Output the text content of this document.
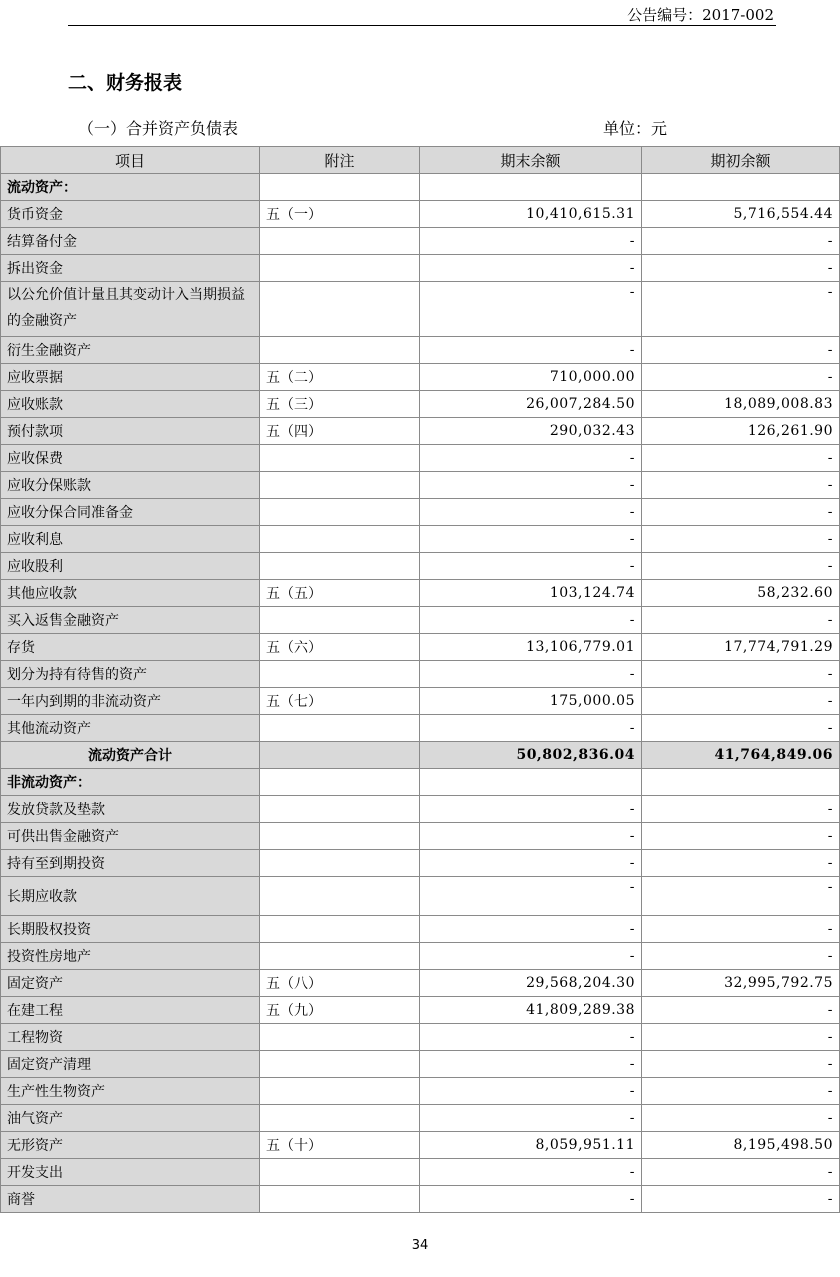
公告编号：2017-002
二、财务报表
（一）合并资产负债表	单位：元
项目	附注	期末余额	期初余额
流动资产：			
货币资金	五（一）	10,410,615.31	5,716,554.44
结算备付金		-	-
拆出资金		-	-
以公允价值计量且其变动计入当期损益的金融资产		-	-
衍生金融资产		-	-
应收票据	五（二）	710,000.00	-
应收账款	五（三）	26,007,284.50	18,089,008.83
预付款项	五（四）	290,032.43	126,261.90
应收保费		-	-
应收分保账款		-	-
应收分保合同准备金		-	-
应收利息		-	-
应收股利		-	-
其他应收款	五（五）	103,124.74	58,232.60
买入返售金融资产		-	-
存货	五（六）	13,106,779.01	17,774,791.29
划分为持有待售的资产		-	-
一年内到期的非流动资产	五（七）	175,000.05	-
其他流动资产		-	-
流动资产合计		50,802,836.04	41,764,849.06
非流动资产：			
发放贷款及垫款		-	-
可供出售金融资产		-	-
持有至到期投资		-	-
长期应收款		-	-
长期股权投资		-	-
投资性房地产		-	-
固定资产	五（八）	29,568,204.30	32,995,792.75
在建工程	五（九）	41,809,289.38	-
工程物资		-	-
固定资产清理		-	-
生产性生物资产		-	-
油气资产		-	-
无形资产	五（十）	8,059,951.11	8,195,498.50
开发支出		-	-
商誉		-	-
34
